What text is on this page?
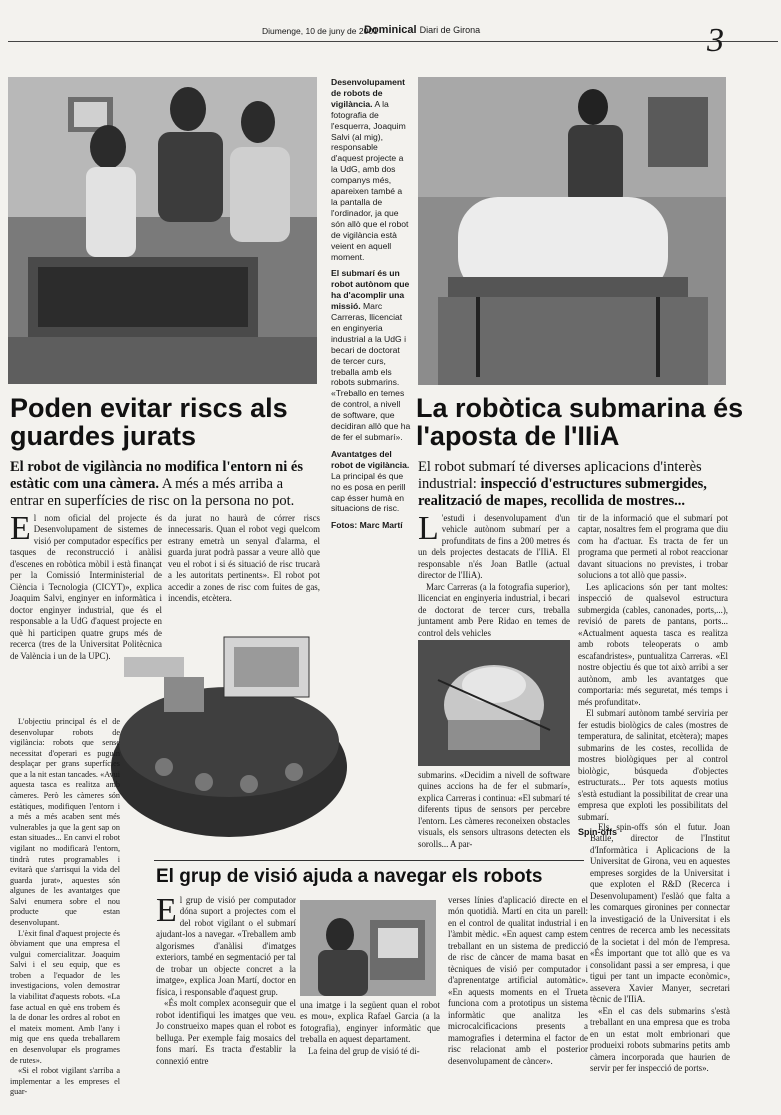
Diumenge, 10 de juny de 2001
Dominical Diari de Girona	3

Desenvolupament de robots de vigilància. A la fotografia de l'esquerra, Joaquim Salvi (al mig), responsable d'aquest projecte a la UdG, amb dos companys més, apareixen també a la pantalla de l'ordinador, ja que són allò que el robot de vigilància està veient en aquell moment.

El submarí és un robot autònom que ha d'acomplir una missió. Marc Carreras, llicenciat en enginyeria industrial a la UdG i becari de doctorat de tercer curs, treballa amb els robots submarins. «Treballo en temes de control, a nivell de software, que decidiran allò que ha de fer el submarí».

Avantatges del robot de vigilància. La principal és que no es posa en perill cap ésser humà en situacions de risc.

Fotos: Marc Martí

Poden evitar riscs als guardes jurats
El robot de vigilància no modifica l'entorn ni és estàtic com una càmera. A més a més arriba a entrar en superfícies de risc on la persona no pot.
E l nom oficial del projecte és Desenvolupament de sistemes de visió per computador específics per tasques de reconstrucció i anàlisi d'escenes en robòtica mòbil i està finançat per la Comissió Interministerial de Ciència i Tecnologia (CICYT)», explica Joaquim Salvi, enginyer en informàtica i doctor enginyer industrial, que és el responsable a la UdG d'aquest projecte en què hi participen quatre grups més de recerca (tres de la Universitat Politècnica de València i un de la UPC).

L'objectiu principal és el de desenvolupar robots de vigilància: robots que sense necessitat d'operari es puguin desplaçar per grans superfícies que a la nit estan tancades. «Avui aquesta tasca es realitza amb càmeres. Però les càmeres són estàtiques, modifiquen l'entorn i a més a més acaben sent més vulnerables ja que la gent sap on estan situades... En canvi el robot vigilant no modificarà l'entorn, tindrà rutes programables i evitarà que s'arrisqui la vida del guarda jurat», aquestes són algunes de les avantatges que Salvi enumera sobre el nou producte que estan desenvolupant.

L'èxit final d'aquest projecte és òbviament que una empresa el vulgui comercialitzar. Joaquim Salvi i el seu equip, que es troben a l'equador de les investigacions, volen demostrar la viabilitat d'aquests robots. «La fase actual en què ens trobem és la de donar les ordres al robot en el mateix moment. Amb l'any i mig que ens queda treballarem en desenvolupar els programes de rutes».

«Si el robot vigilant s'arriba a implementar a les empreses el guar-

da jurat no haurà de córrer riscs innecessaris. Quan el robot vegi quelcom estrany emetrà un senyal d'alarma, el guarda jurat podrà passar a veure allò que veu el robot i si és situació de risc trucarà a les autoritats pertinents». El robot pot accedir a zones de risc com fuites de gas, incendis, etcètera.

La robòtica submarina és l'aposta de l'IIiA
El robot submarí té diverses aplicacions d'interès industrial: inspecció d'estructures submergides, realització de mapes, recollida de mostres...
L 'estudi i desenvolupament d'un vehicle autònom submarí per a profunditats de fins a 200 metres és un dels projectes destacats de l'IIiA. El responsable n'és Joan Batlle (actual director de l'IIiA).

Marc Carreras (a la fotografia superior), llicenciat en enginyeria industrial, i becari de doctorat de tercer curs, treballa juntament amb Pere Ridao en temes de control dels vehicles

submarins. «Decidim a nivell de software quines accions ha de fer el submarí», explica Carreras i continua: «El submarí té diferents tipus de sensors per percebre l'entorn. Les càmeres reconeixen obstacles visuals, els sensors ultrasons detecten els sorolls... A par-

tir de la informació que el submarí pot captar, nosaltres fem el programa que diu com ha d'actuar. Es tracta de fer un programa que permeti al robot reaccionar davant situacions no previstes, i trobar solucions a tot allò que passi».

Les aplicacions són per tant moltes: inspecció de qualsevol estructura submergida (cables, canonades, ports,...), revisió de parets de pantans, ports... «Actualment aquesta tasca es realitza amb robots teleoperats o amb escafandristes», puntualitza Carreras. «El nostre objectiu és que tot això arribi a ser autònom, amb les avantatges que comportaria: més seguretat, més temps i més profunditat».

El submarí autònom també serviria per fer estudis biològics de cales (mostres de temperatura, de salinitat, etcètera); mapes submarins de les costes, recollida de mostres biològiques per al control biològic, búsqueda d'objectes estructurats... Per tots aquests motius s'està estudiant la possibilitat de crear una empresa que exploti les possibilitats del submarí.

Spin-offs

Els spin-offs són el futur. Joan Batlle, director de l'Institut d'Informàtica i Aplicacions de la Universitat de Girona, veu en aquestes empreses sorgides de la Universitat i que exploten el R&D (Recerca i Desenvolupament) l'eslàó que falta a les comarques gironines per connectar la investigació de la Universitat i els centres de recerca amb les necessitats de la societat i del món de l'empresa. «És important que tot allò que es va consolidant passi a ser empresa, i que tigui per tant un impacte econòmic», assevera Xavier Manyer, secretari tècnic de l'IIiA.

«En el cas dels submarins s'està treballant en una empresa que es troba en un estat molt embrionari que produeixi robots submarins petits amb càmera incorporada que haurien de servir per fer inspecció de ports».

El grup de visió ajuda a navegar els robots
E l grup de visió per computador dóna suport a projectes com el del robot vigilant o el submarí ajudant-los a navegar. «Treballem amb algorismes d'anàlisi d'imatges exteriors, també en segmentació per tal de trobar un objecte concret a la imatge», explica Joan Martí, doctor en física, i responsable d'aquest grup.

«És molt complex aconseguir que el robot identifiqui les imatges que veu. Jo construeixo mapes quan el robot es belluga. Per exemple faig mosaics del fons marí. Es tracta d'establir la connexió entre

una imatge i la següent quan el robot es mou», explica Rafael Garcia (a la fotografia), enginyer informàtic que treballa en aquest departament.

La feina del grup de visió té di-

verses línies d'aplicació directe en el món quotidià. Martí en cita un parell: en el control de qualitat industrial i en l'àmbit mèdic. «En aquest camp estem treballant en un sistema de predicció de risc de càncer de mama basat en tècniques de visió per computador i d'aprenentatge artificial automàtic». «En aquests moments en el Trueta funciona com a prototipus un sistema informàtic que analitza les microcalcificacions presents a mamografies i determina el factor de risc relacionat amb el posterior desenvolupament de càncer».
